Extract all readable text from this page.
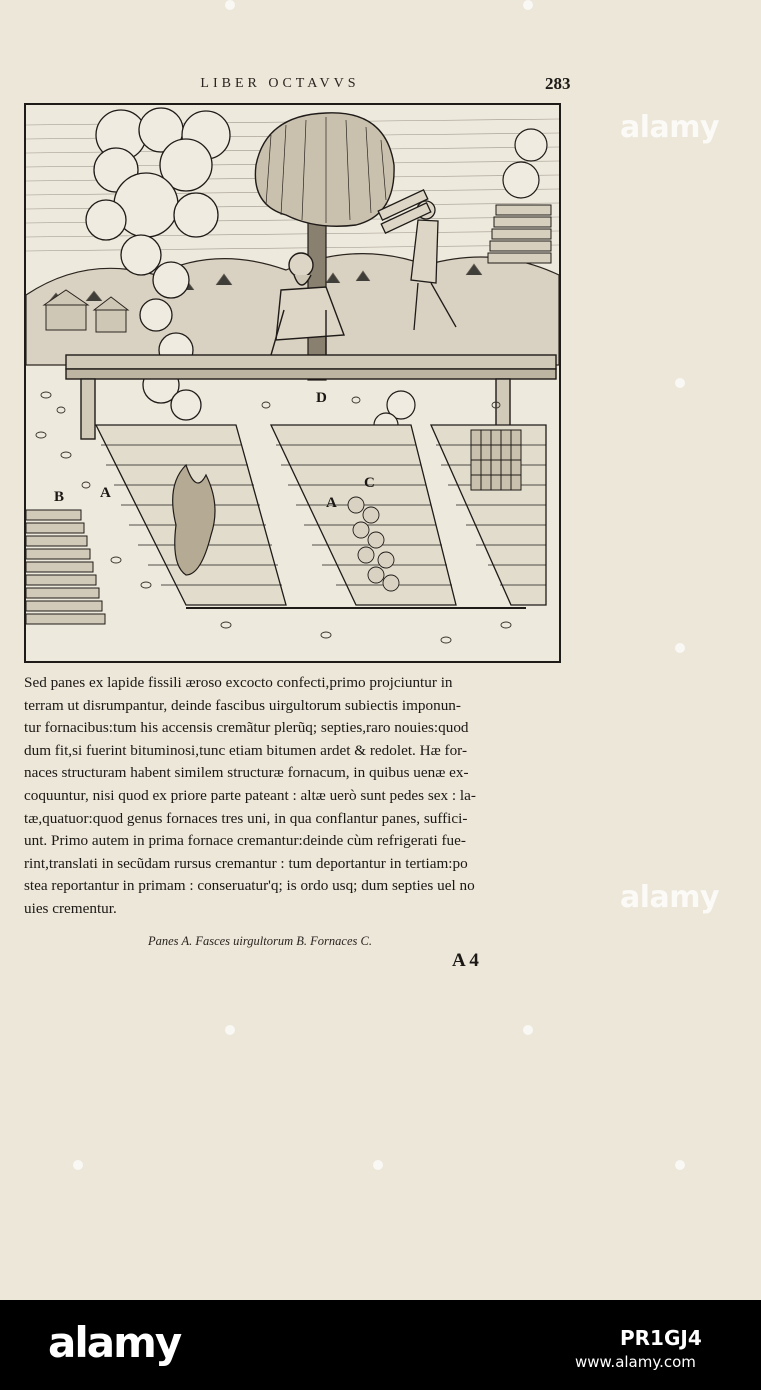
LIBER OCTAVVS	283
B A
A
C
D
Sed panes ex lapide fissili æroso excocto confecti,primo projciuntur in
terram ut disrumpantur, deinde fascibus uirgultorum subiectis imponun-
tur fornacibus:tum his accensis cremãtur plerũq; septies,raro nouies:quod
dum fit,si fuerint bituminosi,tunc etiam bitumen ardet & redolet. Hæ for-
naces structuram habent similem structuræ fornacum, in quibus uenæ ex-
coquuntur, nisi quod ex priore parte pateant : altæ uerò sunt pedes sex : la-
tæ,quatuor:quod genus fornaces tres uni, in qua conflantur panes, suffici-
unt. Primo autem in prima fornace cremantur:deinde cùm refrigerati fue-
rint,translati in secũdam rursus cremantur : tum deportantur in tertiam:po
stea reportantur in primam : conseruatur'q; is ordo usq; dum septies uel no
uies crementur.
Panes A. Fasces uirgultorum B. Fornaces C.
A 4
alamy
alamy
alamy	PR1GJ4
www.alamy.com
